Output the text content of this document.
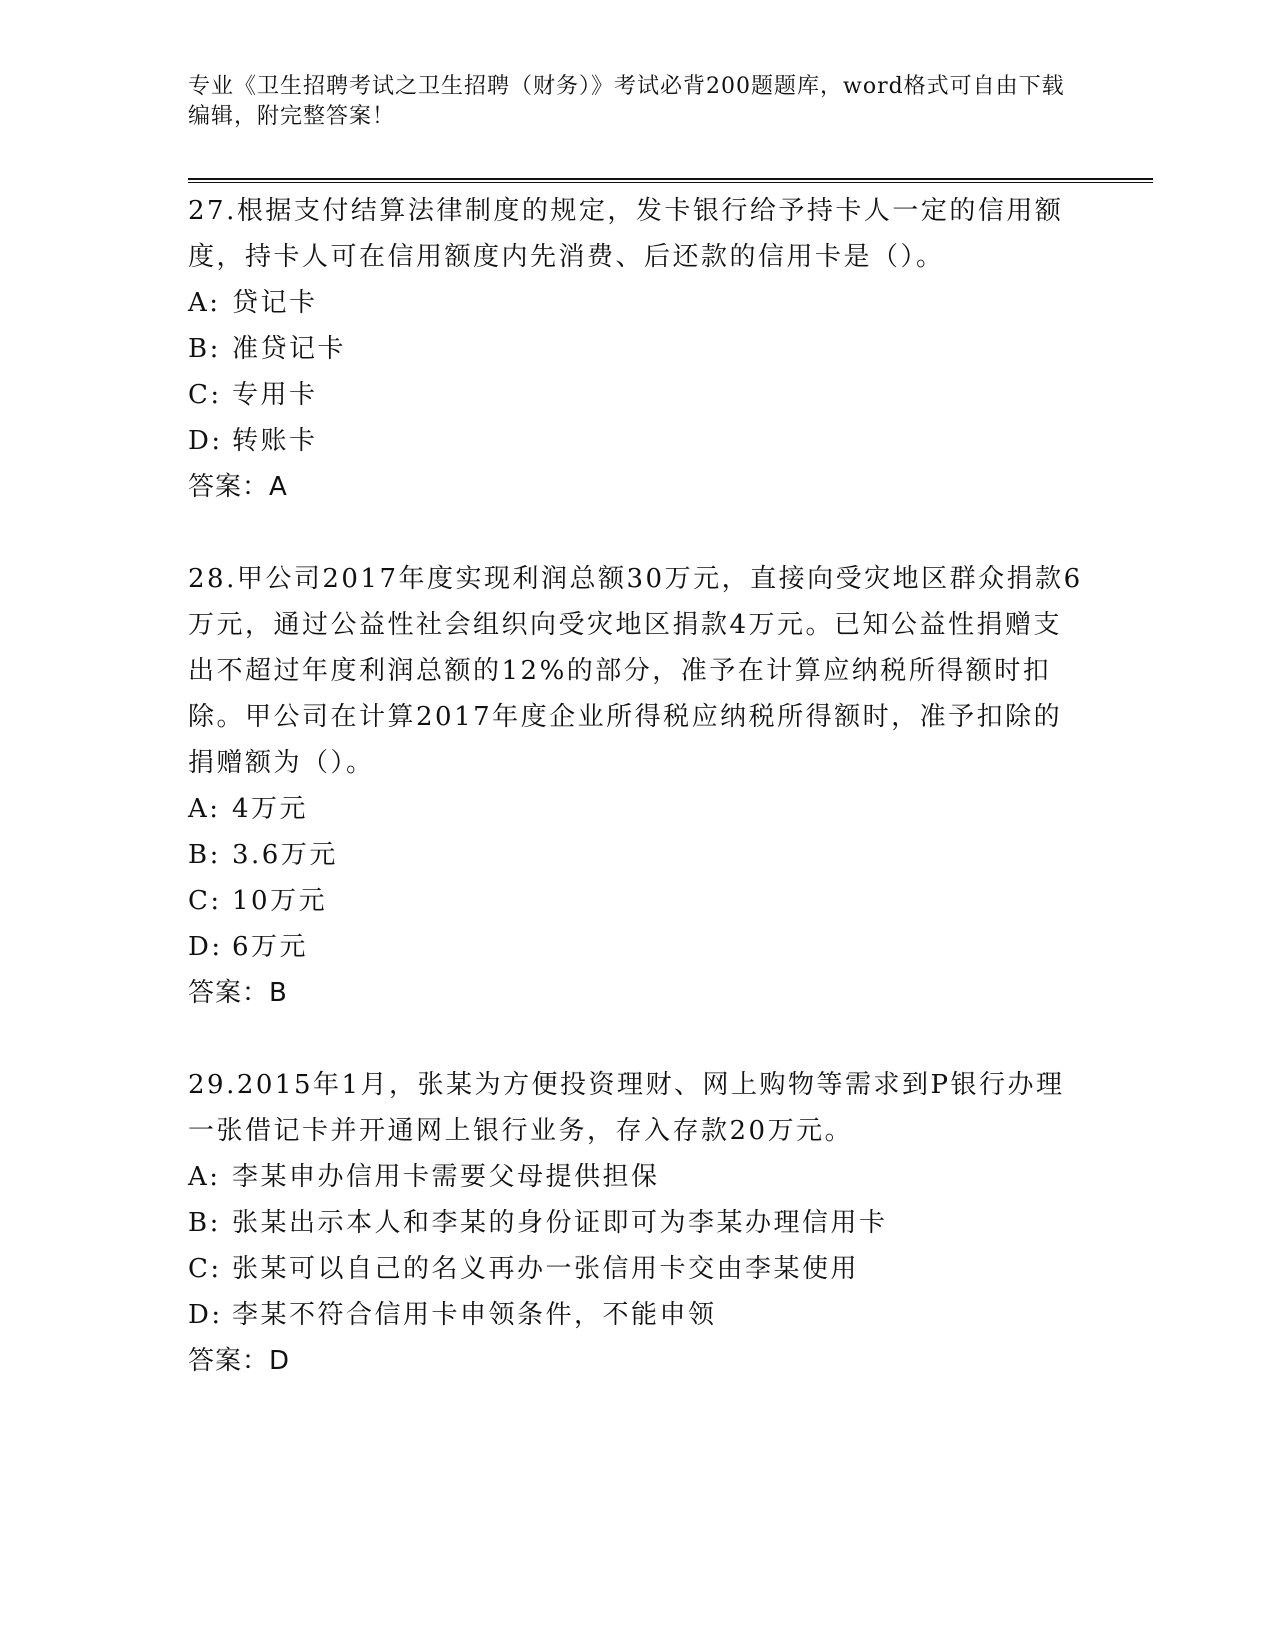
专业《卫生招聘考试之卫生招聘（财务）》考试必背200题题库，word格式可自由下载编辑，附完整答案！

27.根据支付结算法律制度的规定，发卡银行给予持卡人一定的信用额度，持卡人可在信用额度内先消费、后还款的信用卡是（）。

A: 贷记卡
B: 准贷记卡
C: 专用卡
D: 转账卡

答案：A

28.甲公司2017年度实现利润总额30万元，直接向受灾地区群众捐款6万元，通过公益性社会组织向受灾地区捐款4万元。已知公益性捐赠支出不超过年度利润总额的12%的部分，准予在计算应纳税所得额时扣除。甲公司在计算2017年度企业所得税应纳税所得额时，准予扣除的捐赠额为（）。

A: 4万元
B: 3.6万元
C: 10万元
D: 6万元

答案：B

29.2015年1月，张某为方便投资理财、网上购物等需求到P银行办理一张借记卡并开通网上银行业务，存入存款20万元。

A: 李某申办信用卡需要父母提供担保
B: 张某出示本人和李某的身份证即可为李某办理信用卡
C: 张某可以自己的名义再办一张信用卡交由李某使用
D: 李某不符合信用卡申领条件，不能申领

答案：D
